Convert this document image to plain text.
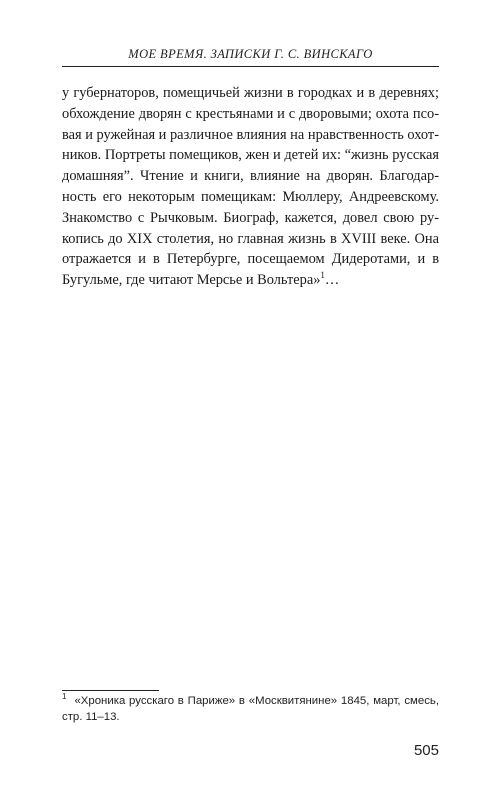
МОЕ ВРЕМЯ. ЗАПИСКИ Г. С. ВИНСКАГО
у губернаторов, помещичьей жизни в городках и в деревнях;
обхождение дворян с крестьянами и с дворовыми; охота псо-
вая и ружейная и различное влияния на нравственность охот-
ников. Портреты помещиков, жен и детей их: “жизнь русская
домашняя”. Чтение и книги, влияние на дворян. Благодар-
ность его некоторым помещикам: Мюллеру, Андреевскому.
Знакомство с Рычковым. Биограф, кажется, довел свою ру-
копись до XIX столетия, но главная жизнь в XVIII веке. Она
отражается и в Петербурге, посещаемом Дидеротами, и в
Бугульме, где читают Мерсье и Вольтера»$^1$…
$^1$ «Хроника русскаго в Париже» в «Москвитянине» 1845, март, смесь,
стр. 11–13.
505
